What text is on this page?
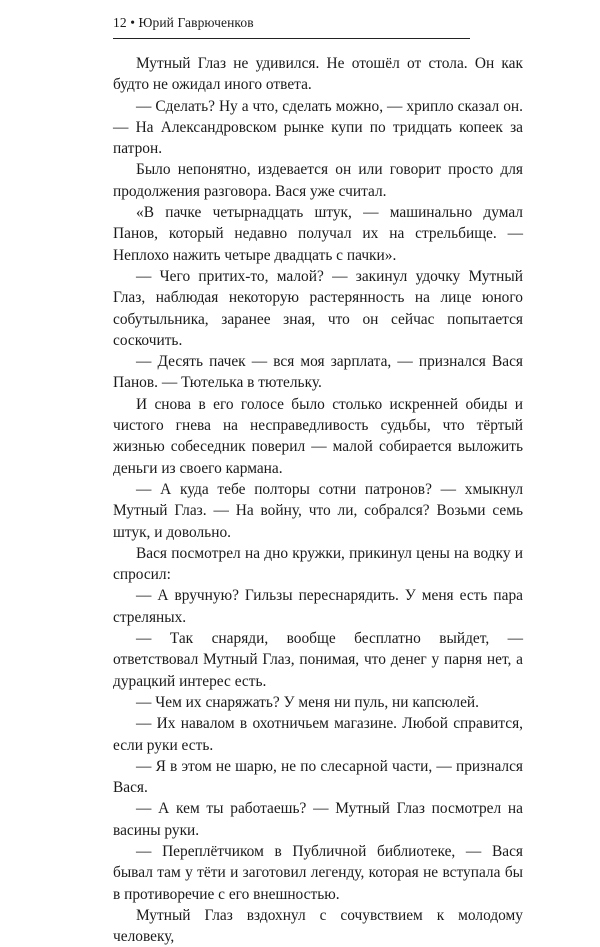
12 • Юрий Гаврюченков

Мутный Глаз не удивился. Не отошёл от стола. Он как будто не ожидал иного ответа.

— Сделать? Ну а что, сделать можно, — хрипло сказал он. — На Александровском рынке купи по тридцать копеек за патрон.

Было непонятно, издевается он или говорит просто для продолжения разговора. Вася уже считал.

«В пачке четырнадцать штук, — машинально думал Панов, который недавно получал их на стрельбище. — Неплохо нажить четыре двадцать с пачки».

— Чего притих-то, малой? — закинул удочку Мутный Глаз, наблюдая некоторую растерянность на лице юного собутыльника, заранее зная, что он сейчас попытается соскочить.

— Десять пачек — вся моя зарплата, — признался Вася Панов. — Тютелька в тютельку.

И снова в его голосе было столько искренней обиды и чистого гнева на несправедливость судьбы, что тёртый жизнью собеседник поверил — малой собирается выложить деньги из своего кармана.

— А куда тебе полторы сотни патронов? — хмыкнул Мутный Глаз. — На войну, что ли, собрался? Возьми семь штук, и довольно.

Вася посмотрел на дно кружки, прикинул цены на водку и спросил:

— А вручную? Гильзы переснарядить. У меня есть пара стреляных.

— Так снаряди, вообще бесплатно выйдет, — ответствовал Мутный Глаз, понимая, что денег у парня нет, а дурацкий интерес есть.

— Чем их снаряжать? У меня ни пуль, ни капсюлей.

— Их навалом в охотничьем магазине. Любой справится, если руки есть.

— Я в этом не шарю, не по слесарной части, — признался Вася.

— А кем ты работаешь? — Мутный Глаз посмотрел на васины руки.

— Переплётчиком в Публичной библиотеке, — Вася бывал там у тёти и заготовил легенду, которая не вступала бы в противоречие с его внешностью.

Мутный Глаз вздохнул с сочувствием к молодому человеку,
